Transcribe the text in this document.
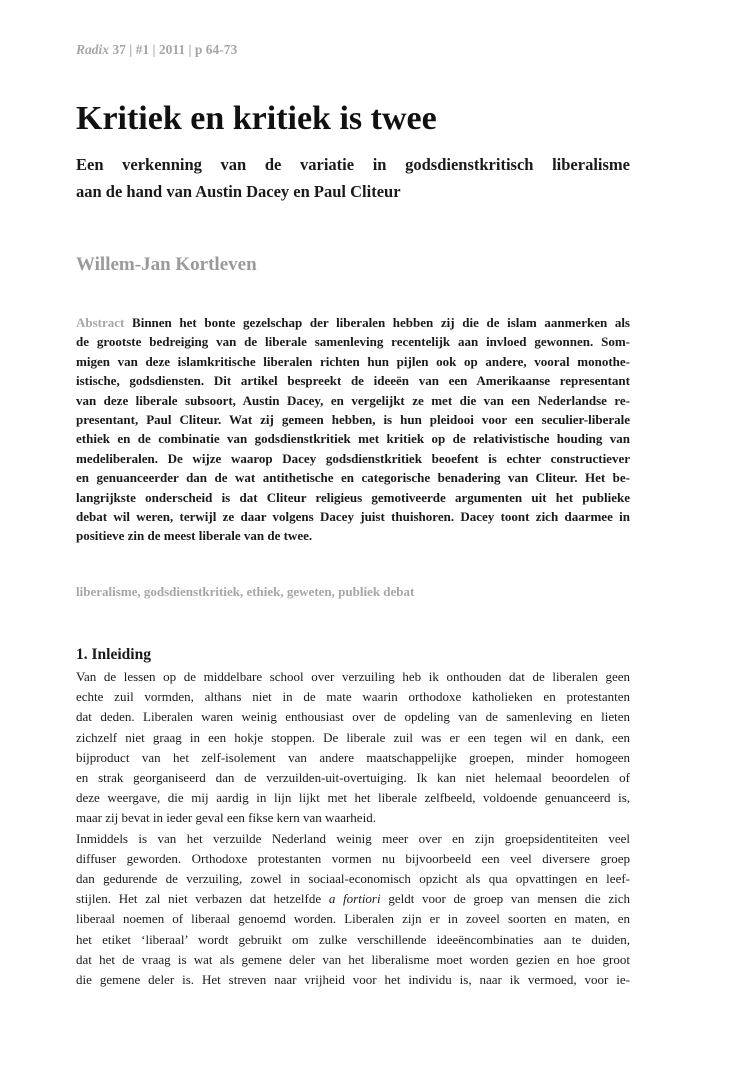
Radix 37 | #1 | 2011 | p 64-73
Kritiek en kritiek is twee
Een verkenning van de variatie in godsdienstkritisch liberalisme
aan de hand van Austin Dacey en Paul Cliteur
Willem-Jan Kortleven
Abstract Binnen het bonte gezelschap der liberalen hebben zij die de islam aanmerken als
de grootste bedreiging van de liberale samenleving recentelijk aan invloed gewonnen. Som-
migen van deze islamkritische liberalen richten hun pijlen ook op andere, vooral monothe-
istische, godsdiensten. Dit artikel bespreekt de ideeën van een Amerikaanse representant
van deze liberale subsoort, Austin Dacey, en vergelijkt ze met die van een Nederlandse re-
presentant, Paul Cliteur. Wat zij gemeen hebben, is hun pleidooi voor een seculier-liberale
ethiek en de combinatie van godsdienstkritiek met kritiek op de relativistische houding van
medeliberalen. De wijze waarop Dacey godsdienstkritiek beoefent is echter constructiever
en genuanceerder dan de wat antithetische en categorische benadering van Cliteur. Het be-
langrijkste onderscheid is dat Cliteur religieus gemotiveerde argumenten uit het publieke
debat wil weren, terwijl ze daar volgens Dacey juist thuishoren. Dacey toont zich daarmee in
positieve zin de meest liberale van de twee.
liberalisme, godsdienstkritiek, ethiek, geweten, publiek debat
1. Inleiding
Van de lessen op de middelbare school over verzuiling heb ik onthouden dat de liberalen geen
echte zuil vormden, althans niet in de mate waarin orthodoxe katholieken en protestanten
dat deden. Liberalen waren weinig enthousiast over de opdeling van de samenleving en lieten
zichzelf niet graag in een hokje stoppen. De liberale zuil was er een tegen wil en dank, een
bijproduct van het zelf-isolement van andere maatschappelijke groepen, minder homogeen
en strak georganiseerd dan de verzuilden-uit-overtuiging. Ik kan niet helemaal beoordelen of
deze weergave, die mij aardig in lijn lijkt met het liberale zelfbeeld, voldoende genuanceerd is,
maar zij bevat in ieder geval een fikse kern van waarheid.
Inmiddels is van het verzuilde Nederland weinig meer over en zijn groepsidentiteiten veel
diffuser geworden. Orthodoxe protestanten vormen nu bijvoorbeeld een veel diversere groep
dan gedurende de verzuiling, zowel in sociaal-economisch opzicht als qua opvattingen en leef-
stijlen. Het zal niet verbazen dat hetzelfde a fortiori geldt voor de groep van mensen die zich
liberaal noemen of liberaal genoemd worden. Liberalen zijn er in zoveel soorten en maten, en
het etiket ‘liberaal’ wordt gebruikt om zulke verschillende ideeëncombinaties aan te duiden,
dat het de vraag is wat als gemene deler van het liberalisme moet worden gezien en hoe groot
die gemene deler is. Het streven naar vrijheid voor het individu is, naar ik vermoed, voor ie-
